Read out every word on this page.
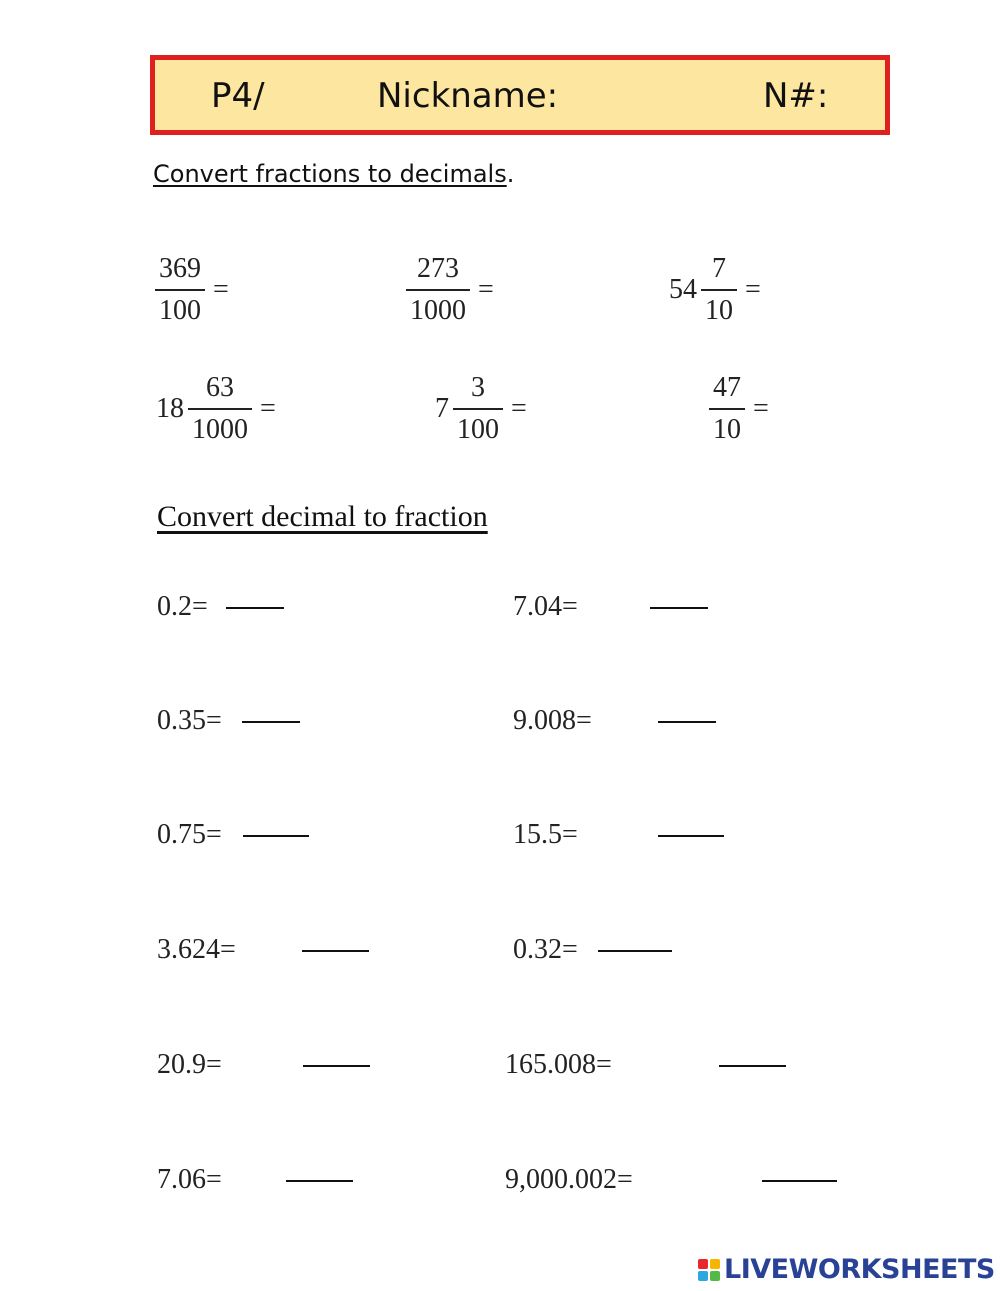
P4/	Nickname:	N#:
Convert fractions to decimals.
$\frac{369}{100}$ =	$\frac{273}{1000}$ =	$54 \frac{7}{10}$ =
$18 \frac{63}{1000}$ =	$7 \frac{3}{100}$ =	$\frac{47}{10}$ =
Convert decimal to fraction
0.2=	7.04=
0.35=	9.008=
0.75=	15.5=
3.624=	0.32=
20.9=	165.008=
7.06=	9,000.002=
LIVEWORKSHEETS
